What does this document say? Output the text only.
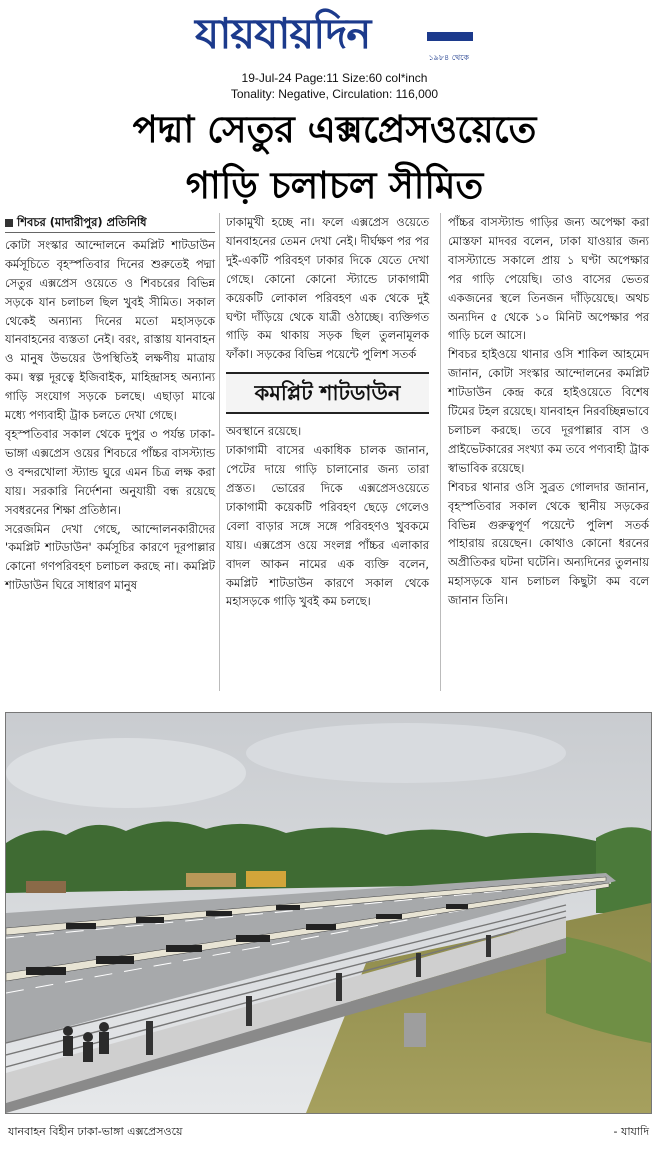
যায়যায়দিন	১৯৮৪ থেকে
19-Jul-24 Page:11 Size:60 col*inch
Tonality: Negative, Circulation: 116,000
পদ্মা সেতুর এক্সপ্রেসওয়েতে
গাড়ি চলাচল সীমিত

শিবচর (মাদারীপুর) প্রতিনিধি

কোটা সংস্কার আন্দোলনে কমপ্লিট শাটডাউন কর্মসূচিতে বৃহস্পতিবার দিনের শুরুতেই পদ্মা সেতুর এক্সপ্রেস ওয়েতে ও শিবচরের বিভিন্ন সড়কে যান চলাচল ছিল খুবই সীমিত। সকাল থেকেই অন্যান্য দিনের মতো মহাসড়কে যানবাহনের ব্যস্ততা নেই। বরং, রাস্তায় যানবাহন ও মানুষ উভয়ের উপস্থিতিই লক্ষণীয় মাত্রায় কম। স্বল্প দূরত্বে ইজিবাইক, মাহিন্দ্রাসহ অন্যান্য গাড়ি সংযোগ সড়কে চলছে। এছাড়া মাঝে মধ্যে পণ্যবাহী ট্রাক চলতে দেখা গেছে।

বৃহস্পতিবার সকাল থেকে দুপুর ৩ পর্যন্ত ঢাকা-ভাঙ্গা এক্সপ্রেস ওয়ের শিবচরে পাঁচ্চর বাসস্ট্যান্ড ও বন্দরখোলা স্ট্যান্ড ঘুরে এমন চিত্র লক্ষ করা যায়। সরকারি নির্দেশনা অনুযায়ী বন্ধ রয়েছে সবধরনের শিক্ষা প্রতিষ্ঠান।

সরেজমিন দেখা গেছে, আন্দোলনকারীদের 'কমপ্লিট শাটডাউন' কর্মসূচির কারণে দূরপাল্লার কোনো গণপরিবহণ চলাচল করছে না। কমপ্লিট শাটডাউন ঘিরে সাধারণ মানুষ

ঢাকামুখী হচ্ছে না। ফলে এক্সপ্রেস ওয়েতে যানবাহনের তেমন দেখা নেই। দীর্ঘক্ষণ পর পর দুই-একটি পরিবহণ ঢাকার দিকে যেতে দেখা গেছে। কোনো কোনো স্ট্যান্ডে ঢাকাগামী কয়েকটি লোকাল পরিবহণ এক থেকে দুই ঘণ্টা দাঁড়িয়ে থেকে যাত্রী ওঠাচ্ছে। ব্যক্তিগত গাড়ি কম থাকায় সড়ক ছিল তুলনামূলক ফাঁকা। সড়কের বিভিন্ন পয়েন্টে পুলিশ সতর্ক

কমপ্লিট শাটডাউন

অবস্থানে রয়েছে।

ঢাকাগামী বাসের একাধিক চালক জানান, পেটের দায়ে গাড়ি চালানোর জন্য তারা প্রস্তত। ভোরের দিকে এক্সপ্রেসওয়েতে ঢাকাগামী কয়েকটি পরিবহণ ছেড়ে গেলেও বেলা বাড়ার সঙ্গে সঙ্গে পরিবহণও খুবকমে যায়। এক্সপ্রেস ওয়ে সংলগ্ন পাঁচ্চর এলাকার বাদল আকন নামের এক ব্যক্তি বলেন, কমপ্লিট শাটডাউন কারণে সকাল থেকে মহাসড়কে গাড়ি খুবই কম চলছে।

পাঁচ্চর বাসস্ট্যান্ড গাড়ির জন্য অপেক্ষা করা মোস্তফা মাদবর বলেন, ঢাকা যাওয়ার জন্য বাসস্ট্যান্ডে সকালে প্রায় ১ ঘণ্টা অপেক্ষার পর গাড়ি পেয়েছি। তাও বাসের ভেতর একজনের স্থলে তিনজন দাঁড়িয়েছে। অথচ অন্যদিন ৫ থেকে ১০ মিনিট অপেক্ষার পর গাড়ি চলে আসে।

শিবচর হাইওয়ে থানার ওসি শাকিল আহমেদ জানান, কোটা সংস্কার আন্দোলনের কমপ্লিট শাটডাউন কেন্দ্র করে হাইওয়েতে বিশেষ টিমের টহল রয়েছে। যানবাহন নিরবচ্ছিন্নভাবে চলাচল করছে। তবে দূরপাল্লার বাস ও প্রাইভেটকারের সংখ্যা কম তবে পণ্যবাহী ট্রাক স্বাভাবিক রয়েছে।

শিবচর থানার ওসি সুব্রত গোলদার জানান, বৃহস্পতিবার সকাল থেকে স্থানীয় সড়কের বিভিন্ন গুরুত্বপূর্ণ পয়েন্টে পুলিশ সতর্ক পাহারায় রয়েছেন। কোথাও কোনো ধরনের অপ্রীতিকর ঘটনা ঘটেনি। অন্যদিনের তুলনায় মহাসড়কে যান চলাচল কিছুটা কম বলে জানান তিনি।

যানবাহন বিহীন ঢাকা-ভাঙ্গা এক্সপ্রেসওয়ে	- যাযাদি
